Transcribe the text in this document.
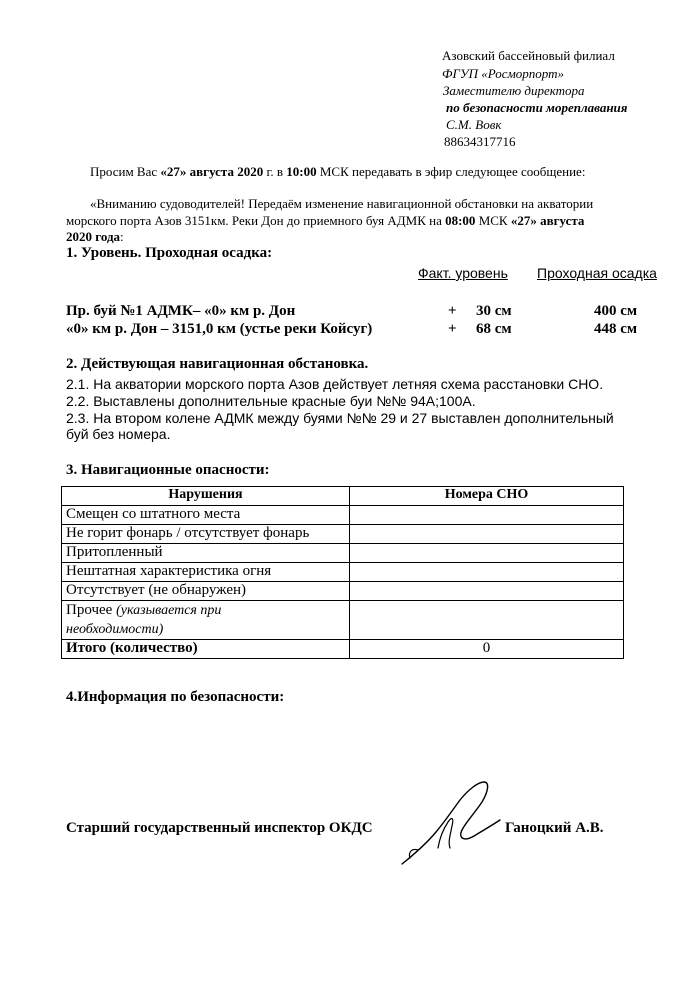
Азовский бассейновый филиал
ФГУП «Росморпорт»
Заместителю директора
по безопасности мореплавания
С.М. Вовк
88634317716
Просим Вас «27» августа 2020 г. в 10:00 МСК передавать в эфир следующее сообщение:
«Вниманию судоводителей! Передаём изменение навигационной обстановки на акватории
морского порта Азов 3151км. Реки Дон до приемного буя АДМК на 08:00 МСК «27» августа
2020 года:
1. Уровень. Проходная осадка:
Факт. уровень Проходная осадка
Пр. буй №1 АДМК– «0» км р. Дон	+ 30 см	400 см
«0» км р. Дон – 3151,0 км (устье реки Койсуг)	+ 68 см	448 см
2. Действующая навигационная обстановка.
2.1. На акватории морского порта Азов действует летняя схема расстановки СНО.
2.2. Выставлены дополнительные красные буи №№ 94А;100А.
2.3. На втором колене АДМК между буями №№ 29 и 27 выставлен дополнительный
буй без номера.
3. Навигационные опасности:
Нарушения	Номера СНО
Смещен со штатного места	
Не горит фонарь / отсутствует фонарь	
Притопленный	
Нештатная характеристика огня	
Отсутствует (не обнаружен)	
Прочее (указывается при
необходимости)	
Итого (количество)	0
4.Информация по безопасности:
Старший государственный инспектор ОКДС	Ганоцкий А.В.
